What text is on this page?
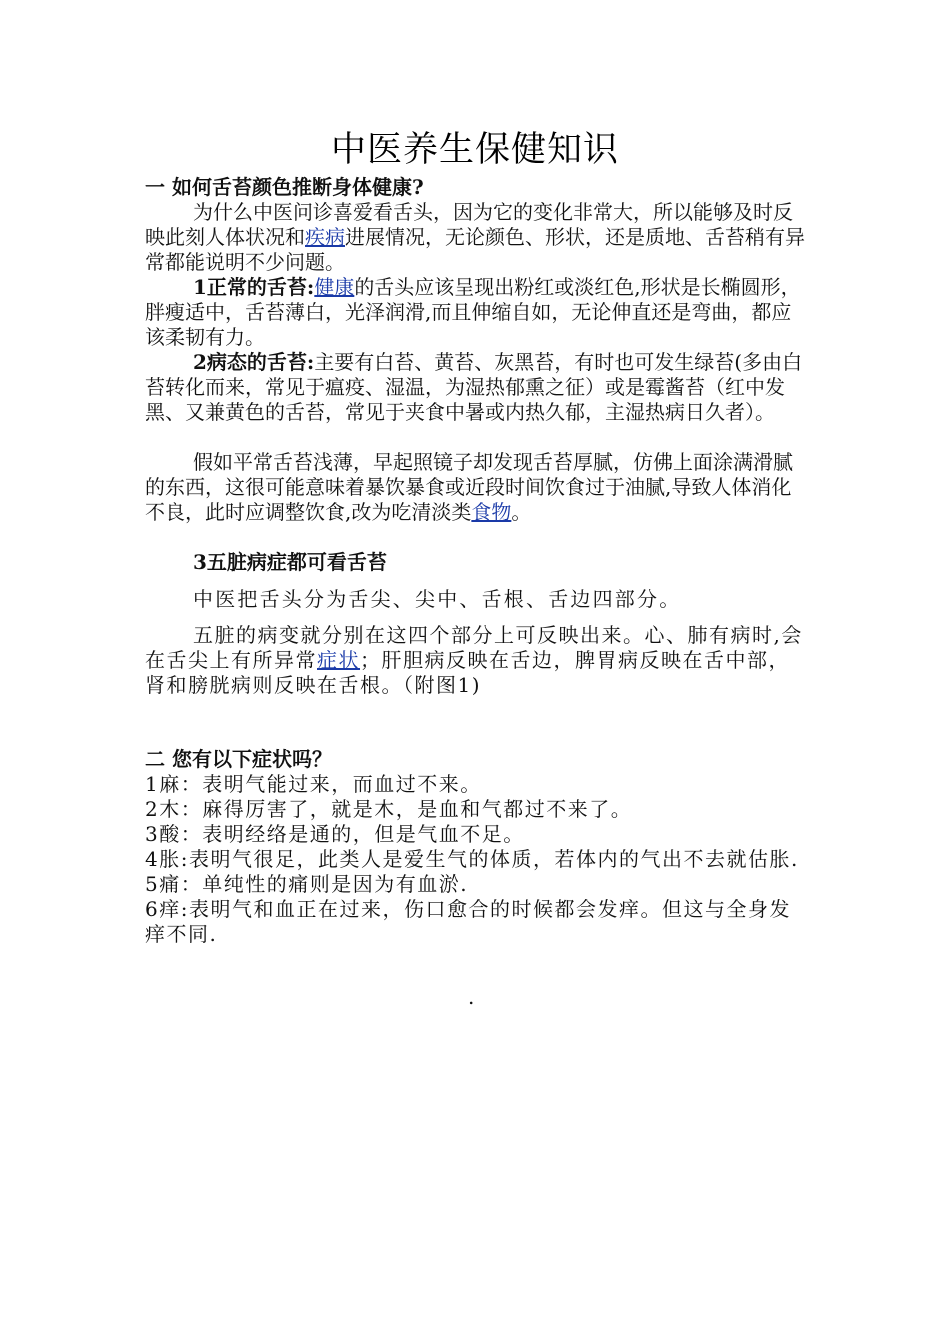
中医养生保健知识
一 如何舌苔颜色推断身体健康?
为什么中医问诊喜爱看舌头，因为它的变化非常大，所以能够及时反映此刻人体状况和疾病进展情况，无论颜色、形状，还是质地、舌苔稍有异常都能说明不少问题。
1正常的舌苔:健康的舌头应该呈现出粉红或淡红色,形状是长椭圆形，胖瘦适中，舌苔薄白，光泽润滑,而且伸缩自如，无论伸直还是弯曲，都应该柔韧有力。
2病态的舌苔:主要有白苔、黄苔、灰黑苔，有时也可发生绿苔(多由白苔转化而来，常见于瘟疫、湿温，为湿热郁熏之征）或是霉酱苔（红中发黑、又兼黄色的舌苔，常见于夹食中暑或内热久郁，主湿热病日久者）。
假如平常舌苔浅薄，早起照镜子却发现舌苔厚腻，仿佛上面涂满滑腻的东西，这很可能意味着暴饮暴食或近段时间饮食过于油腻,导致人体消化不良，此时应调整饮食,改为吃清淡类食物。
3五脏病症都可看舌苔
中医把舌头分为舌尖、尖中、舌根、舌边四部分。
五脏的病变就分别在这四个部分上可反映出来。心、肺有病时,会在舌尖上有所异常症状；肝胆病反映在舌边，脾胃病反映在舌中部，肾和膀胱病则反映在舌根。（附图1)
二 您有以下症状吗？
1麻：表明气能过来，而血过不来。
2木：麻得厉害了，就是木，是血和气都过不来了。
3酸：表明经络是通的，但是气血不足。
4胀:表明气很足，此类人是爱生气的体质，若体内的气出不去就估胀.
5痛：单纯性的痛则是因为有血淤.
6痒:表明气和血正在过来，伤口愈合的时候都会发痒。但这与全身发痒不同.
.
